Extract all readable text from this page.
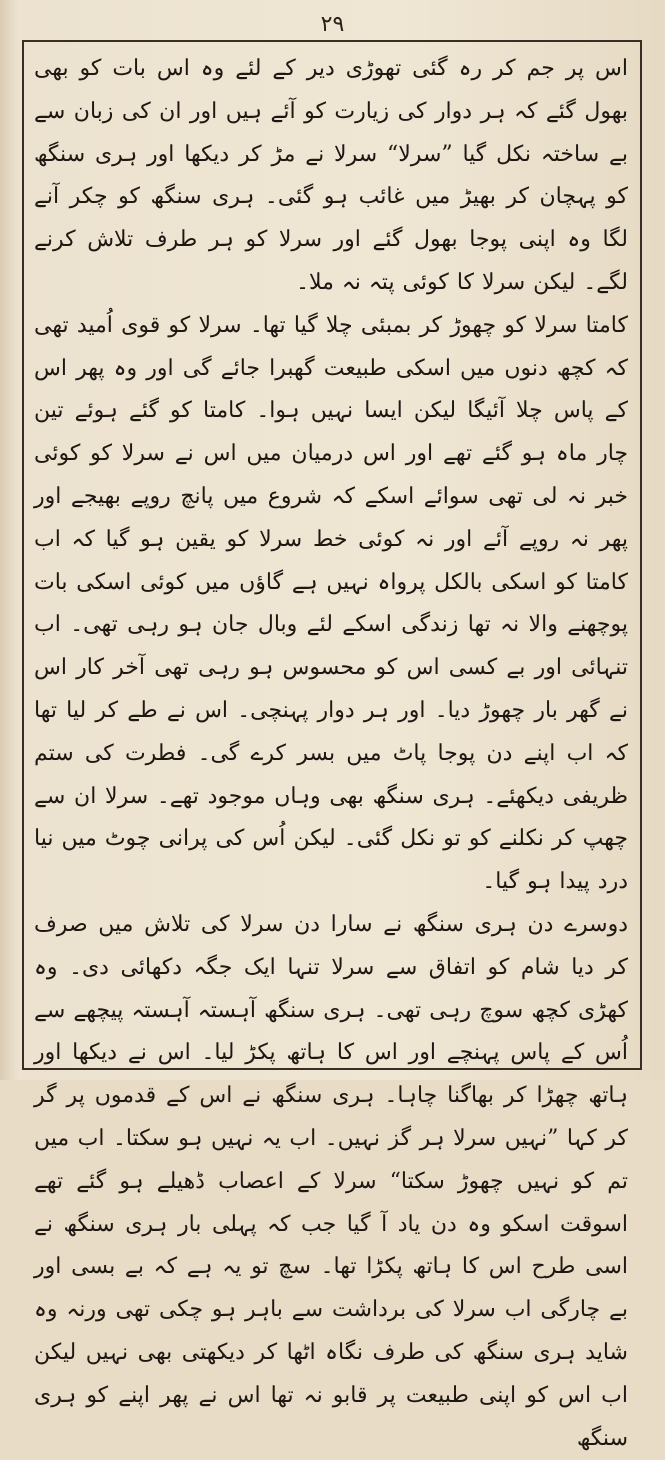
۲۹

اس پر جم کر رہ گئی تھوڑی دیر کے لئے وہ اس بات کو بھی بھول گئے کہ ہر دوار کی زیارت کو آئے ہیں اور ان کی زبان سے بے ساختہ نکل گیا ”سرلا“ سرلا نے مڑ کر دیکھا اور ہری سنگھ کو پہچان کر بھیڑ میں غائب ہو گئی۔ ہری سنگھ کو چکر آنے لگا وہ اپنی پوجا بھول گئے اور سرلا کو ہر طرف تلاش کرنے لگے۔ لیکن سرلا کا کوئی پتہ نہ ملا۔

کامتا سرلا کو چھوڑ کر بمبئی چلا گیا تھا۔ سرلا کو قوی اُمید تھی کہ کچھ دنوں میں اسکی طبیعت گھبرا جائے گی اور وہ پھر اس کے پاس چلا آئیگا لیکن ایسا نہیں ہوا۔ کامتا کو گئے ہوئے تین چار ماہ ہو گئے تھے اور اس درمیان میں اس نے سرلا کو کوئی خبر نہ لی تھی سوائے اسکے کہ شروع میں پانچ روپے بھیجے اور پھر نہ روپے آئے اور نہ کوئی خط سرلا کو یقین ہو گیا کہ اب کامتا کو اسکی بالکل پرواہ نہیں ہے گاؤں میں کوئی اسکی بات پوچھنے والا نہ تھا زندگی اسکے لئے وبال جان ہو رہی تھی۔ اب تنہائی اور بے کسی اس کو محسوس ہو رہی تھی آخر کار اس نے گھر بار چھوڑ دیا۔ اور ہر دوار پہنچی۔ اس نے طے کر لیا تھا کہ اب اپنے دن پوجا پاٹ میں بسر کرے گی۔ فطرت کی ستم ظریفی دیکھئے۔ ہری سنگھ بھی وہاں موجود تھے۔ سرلا ان سے چھپ کر نکلنے کو تو نکل گئی۔ لیکن اُس کی پرانی چوٹ میں نیا درد پیدا ہو گیا۔

دوسرے دن ہری سنگھ نے سارا دن سرلا کی تلاش میں صرف کر دیا شام کو اتفاق سے سرلا تنہا ایک جگہ دکھائی دی۔ وہ کھڑی کچھ سوچ رہی تھی۔ ہری سنگھ آہستہ آہستہ پیچھے سے اُس کے پاس پہنچے اور اس کا ہاتھ پکڑ لیا۔ اس نے دیکھا اور ہاتھ چھڑا کر بھاگنا چاہا۔ ہری سنگھ نے اس کے قدموں پر گر کر کہا ”نہیں سرلا ہر گز نہیں۔ اب یہ نہیں ہو سکتا۔ اب میں تم کو نہیں چھوڑ سکتا“ سرلا کے اعصاب ڈھیلے ہو گئے تھے اسوقت اسکو وہ دن یاد آ گیا جب کہ پہلی بار ہری سنگھ نے اسی طرح اس کا ہاتھ پکڑا تھا۔ سچ تو یہ ہے کہ بے بسی اور بے چارگی اب سرلا کی برداشت سے باہر ہو چکی تھی ورنہ وہ شاید ہری سنگھ کی طرف نگاہ اٹھا کر دیکھتی بھی نہیں لیکن اب اس کو اپنی طبیعت پر قابو نہ تھا اس نے پھر اپنے کو ہری سنگھ
